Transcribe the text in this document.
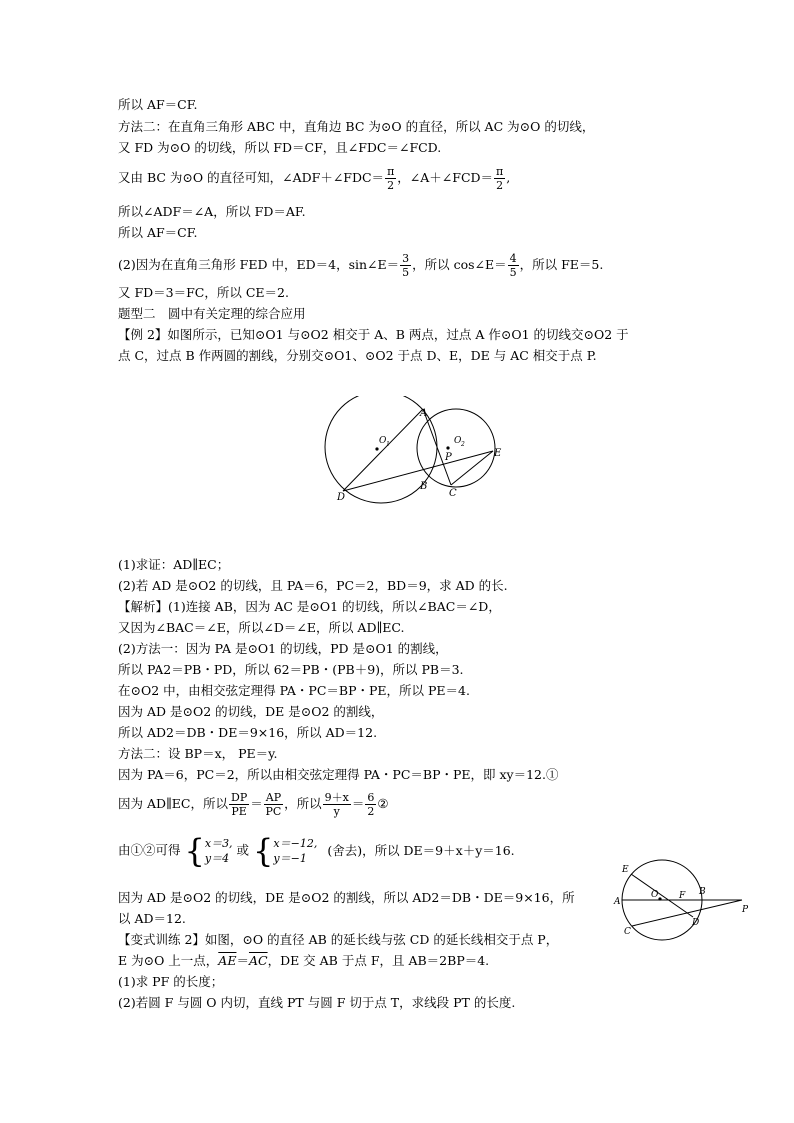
所以 AF＝CF.
方法二：在直角三角形 ABC 中，直角边 BC 为⊙O 的直径，所以 AC 为⊙O 的切线，
又 FD 为⊙O 的切线，所以 FD＝CF，且∠FDC＝∠FCD.
又由 BC 为⊙O 的直径可知，∠ADF＋∠FDC＝ $\frac{\pi}{2}$ ，∠A＋∠FCD＝ $\frac{\pi}{2}$ ,
所以∠ADF＝∠A，所以 FD＝AF.
所以 AF＝CF.
(2)因为在直角三角形 FED 中，ED＝4，sin∠E＝ $\frac{3}{5}$ ，所以 cos∠E＝ $\frac{4}{5}$ ，所以 FE＝5.
又 FD＝3＝FC，所以 CE＝2.
题型二　圆中有关定理的综合应用
【例 2】如图所示，已知⊙O1 与⊙O2 相交于 A、B 两点，过点 A 作⊙O1 的切线交⊙O2 于
点 C，过点 B 作两圆的割线，分别交⊙O1、⊙O2 于点 D、E，DE 与 AC 相交于点 P.
A
O 1	O 2
P	E
B
C
D
(1)求证：AD∥EC；
(2)若 AD 是⊙O2 的切线，且 PA＝6，PC＝2，BD＝9，求 AD 的长.
【解析】(1)连接 AB，因为 AC 是⊙O1 的切线，所以∠BAC＝∠D，
又因为∠BAC＝∠E，所以∠D＝∠E，所以 AD∥EC.
(2)方法一：因为 PA 是⊙O1 的切线，PD 是⊙O1 的割线，
所以 PA2＝PB・PD，所以 62＝PB・(PB＋9)，所以 PB＝3.
在⊙O2 中，由相交弦定理得 PA・PC＝BP・PE，所以 PE＝4.
因为 AD 是⊙O2 的切线，DE 是⊙O2 的割线，
所以 AD2＝DB・DE＝9×16，所以 AD＝12.
方法二：设 BP＝x， PE＝y.
因为 PA＝6，PC＝2，所以由相交弦定理得 PA・PC＝BP・PE，即 xy＝12.①
因为 AD∥EC，所以 $\frac{DP}{PE} = \frac{AP}{PC}$ ，所以 $\frac{9+x}{y} = \frac{6}{2}$ ②
由①②可得 {x＝3,
y＝4 或 {x＝−12,
y＝−1 (舍去)，所以 DE＝9＋x＋y＝16.
因为 AD 是⊙O2 的切线，DE 是⊙O2 的割线，所以 AD2＝DB・DE＝9×16，所
以 AD＝12.
【变式训练 2】如图，⊙O 的直径 AB 的延长线与弦 CD 的延长线相交于点 P，
E 为⊙O 上一点，$\overline{AE}=\overline{AC}$，DE 交 AB 于点 F，且 AB＝2BP＝4.
(1)求 PF 的长度；
(2)若圆 F 与圆 O 内切，直线 PT 与圆 F 切于点 T，求线段 PT 的长度.
E
A
O F B
P
C
D
